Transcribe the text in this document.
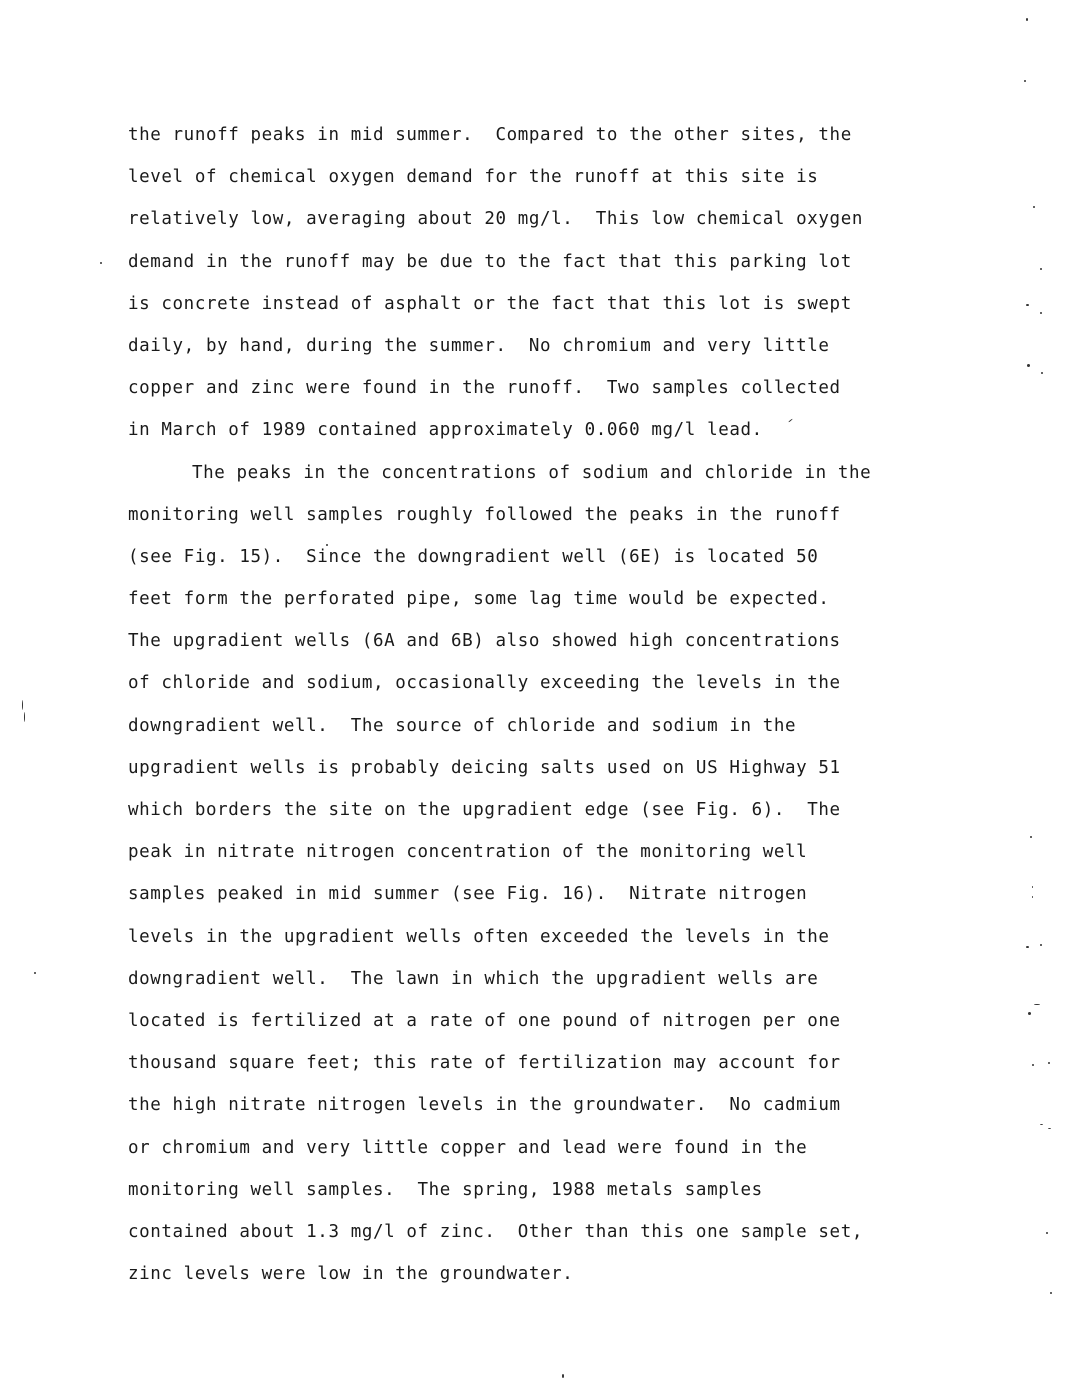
the runoff peaks in mid summer.  Compared to the other sites, the
level of chemical oxygen demand for the runoff at this site is
relatively low, averaging about 20 mg/l.  This low chemical oxygen
demand in the runoff may be due to the fact that this parking lot
is concrete instead of asphalt or the fact that this lot is swept
daily, by hand, during the summer.  No chromium and very little
copper and zinc were found in the runoff.  Two samples collected
in March of 1989 contained approximately 0.060 mg/l lead.
The peaks in the concentrations of sodium and chloride in the
monitoring well samples roughly followed the peaks in the runoff
(see Fig. 15).  Since the downgradient well (6E) is located 50
feet form the perforated pipe, some lag time would be expected.
The upgradient wells (6A and 6B) also showed high concentrations
of chloride and sodium, occasionally exceeding the levels in the
downgradient well.  The source of chloride and sodium in the
upgradient wells is probably deicing salts used on US Highway 51
which borders the site on the upgradient edge (see Fig. 6).  The
peak in nitrate nitrogen concentration of the monitoring well
samples peaked in mid summer (see Fig. 16).  Nitrate nitrogen
levels in the upgradient wells often exceeded the levels in the
downgradient well.  The lawn in which the upgradient wells are
located is fertilized at a rate of one pound of nitrogen per one
thousand square feet; this rate of fertilization may account for
the high nitrate nitrogen levels in the groundwater.  No cadmium
or chromium and very little copper and lead were found in the
monitoring well samples.  The spring, 1988 metals samples
contained about 1.3 mg/l of zinc.  Other than this one sample set,
zinc levels were low in the groundwater.
